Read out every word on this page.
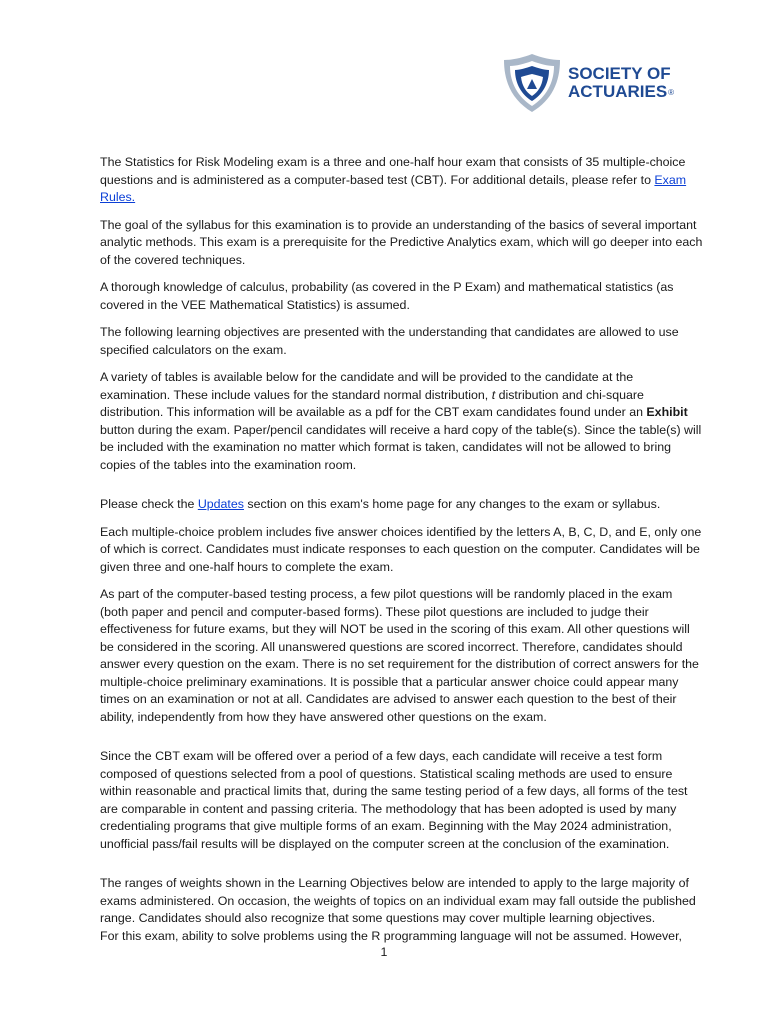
SOCIETY OF
ACTUARIES®

The Statistics for Risk Modeling exam is a three and one-half hour exam that consists of 35 multiple-choice questions and is administered as a computer-based test (CBT). For additional details, please refer to Exam Rules.

The goal of the syllabus for this examination is to provide an understanding of the basics of several important analytic methods. This exam is a prerequisite for the Predictive Analytics exam, which will go deeper into each of the covered techniques.

A thorough knowledge of calculus, probability (as covered in the P Exam) and mathematical statistics (as covered in the VEE Mathematical Statistics) is assumed.

The following learning objectives are presented with the understanding that candidates are allowed to use specified calculators on the exam.

A variety of tables is available below for the candidate and will be provided to the candidate at the examination. These include values for the standard normal distribution, t distribution and chi-square distribution. This information will be available as a pdf for the CBT exam candidates found under an Exhibit button during the exam. Paper/pencil candidates will receive a hard copy of the table(s). Since the table(s) will be included with the examination no matter which format is taken, candidates will not be allowed to bring copies of the tables into the examination room.

Please check the Updates section on this exam's home page for any changes to the exam or syllabus.

Each multiple-choice problem includes five answer choices identified by the letters A, B, C, D, and E, only one of which is correct. Candidates must indicate responses to each question on the computer. Candidates will be given three and one-half hours to complete the exam.

As part of the computer-based testing process, a few pilot questions will be randomly placed in the exam (both paper and pencil and computer-based forms). These pilot questions are included to judge their effectiveness for future exams, but they will NOT be used in the scoring of this exam. All other questions will be considered in the scoring. All unanswered questions are scored incorrect. Therefore, candidates should answer every question on the exam. There is no set requirement for the distribution of correct answers for the multiple-choice preliminary examinations. It is possible that a particular answer choice could appear many times on an examination or not at all. Candidates are advised to answer each question to the best of their ability, independently from how they have answered other questions on the exam.

Since the CBT exam will be offered over a period of a few days, each candidate will receive a test form composed of questions selected from a pool of questions. Statistical scaling methods are used to ensure within reasonable and practical limits that, during the same testing period of a few days, all forms of the test are comparable in content and passing criteria. The methodology that has been adopted is used by many credentialing programs that give multiple forms of an exam. Beginning with the May 2024 administration, unofficial pass/fail results will be displayed on the computer screen at the conclusion of the examination.

The ranges of weights shown in the Learning Objectives below are intended to apply to the large majority of exams administered. On occasion, the weights of topics on an individual exam may fall outside the published range. Candidates should also recognize that some questions may cover multiple learning objectives.

For this exam, ability to solve problems using the R programming language will not be assumed. However,

1
